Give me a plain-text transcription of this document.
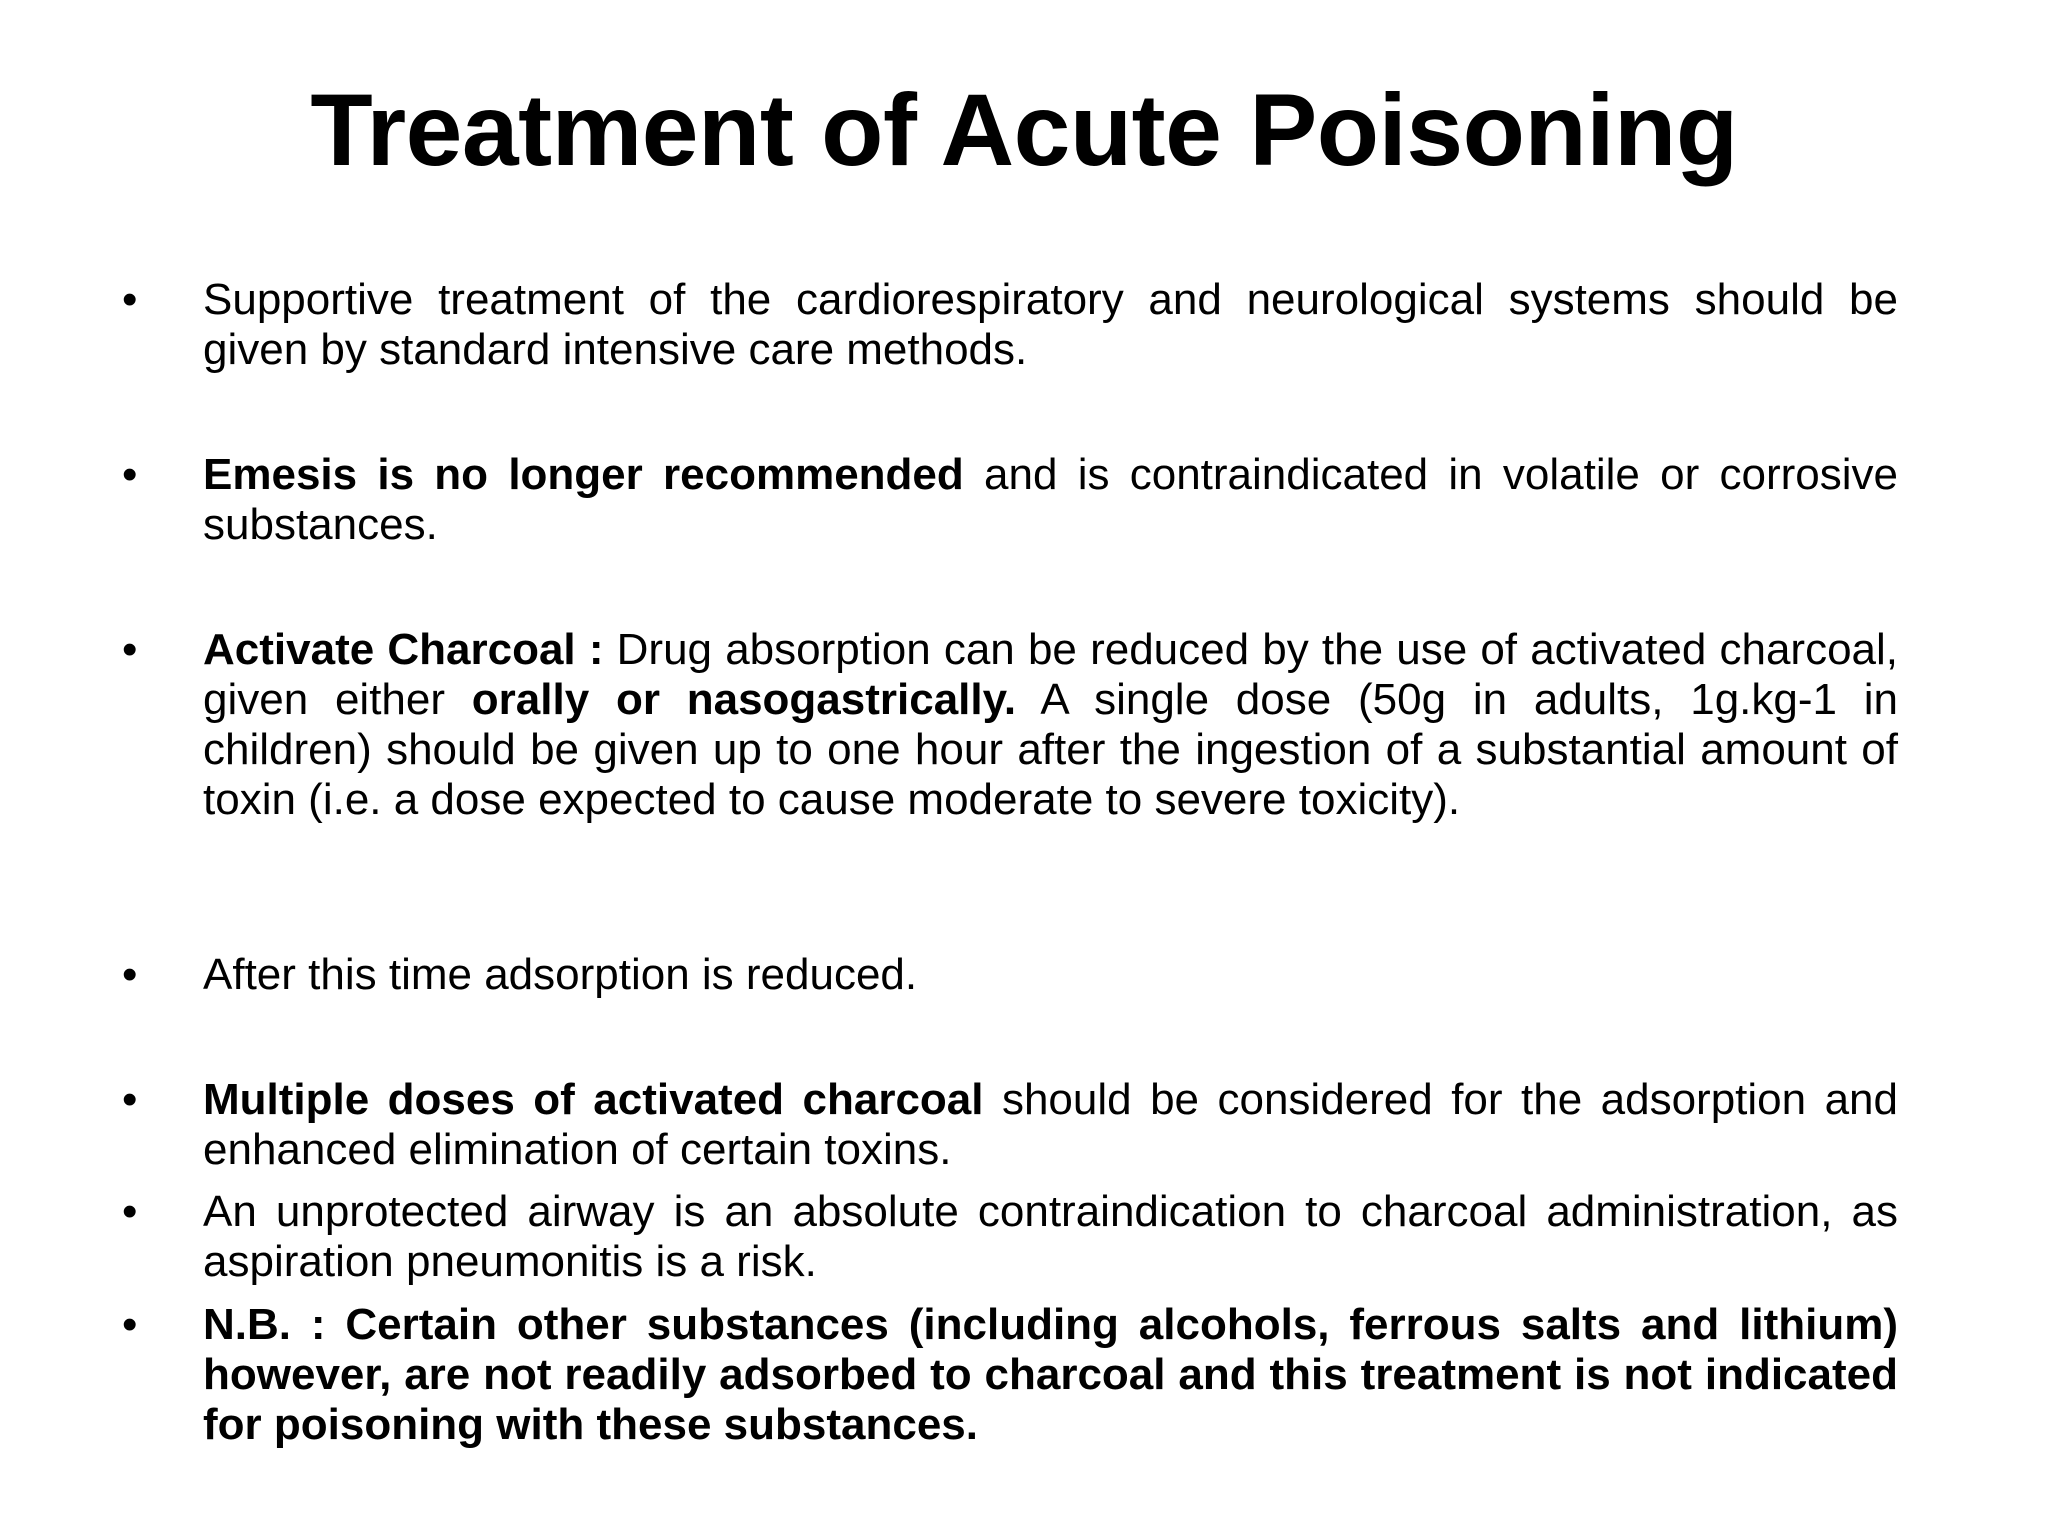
Treatment of Acute Poisoning
• Supportive treatment of the cardiorespiratory and neurological systems should be given by standard intensive care methods.
• Emesis is no longer recommended and is contraindicated in volatile or corrosive substances.
• Activate Charcoal : Drug absorption can be reduced by the use of activated charcoal, given either orally or nasogastrically. A single dose (50g in adults, 1g.kg-1 in children) should be given up to one hour after the ingestion of a substantial amount of toxin (i.e. a dose expected to cause moderate to severe toxicity).
• After this time adsorption is reduced.
• Multiple doses of activated charcoal should be considered for the adsorption and enhanced elimination of certain toxins.
• An unprotected airway is an absolute contraindication to charcoal administration, as aspiration pneumonitis is a risk.
• N.B. : Certain other substances (including alcohols, ferrous salts and lithium) however, are not readily adsorbed to charcoal and this treatment is not indicated for poisoning with these substances.
